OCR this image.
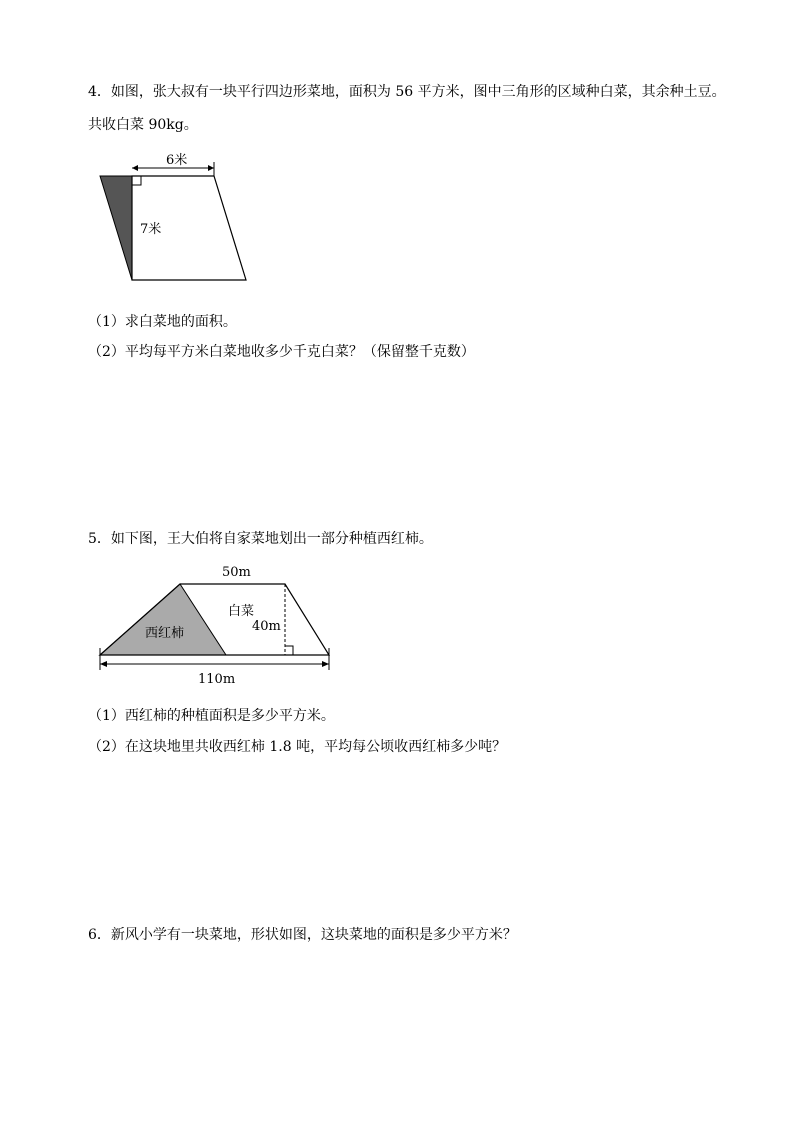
4．如图，张大叔有一块平行四边形菜地，面积为 56 平方米，图中三角形的区域种白菜，其余种土豆。
共收白菜 90kg。
6米
7米
（1）求白菜地的面积。
（2）平均每平方米白菜地收多少千克白菜？（保留整千克数）
5．如下图，王大伯将自家菜地划出一部分种植西红柿。
50m
西红柿
白菜
40m
110m
（1）西红柿的种植面积是多少平方米。
（2）在这块地里共收西红柿 1.8 吨，平均每公顷收西红柿多少吨？
6．新风小学有一块菜地，形状如图，这块菜地的面积是多少平方米？
